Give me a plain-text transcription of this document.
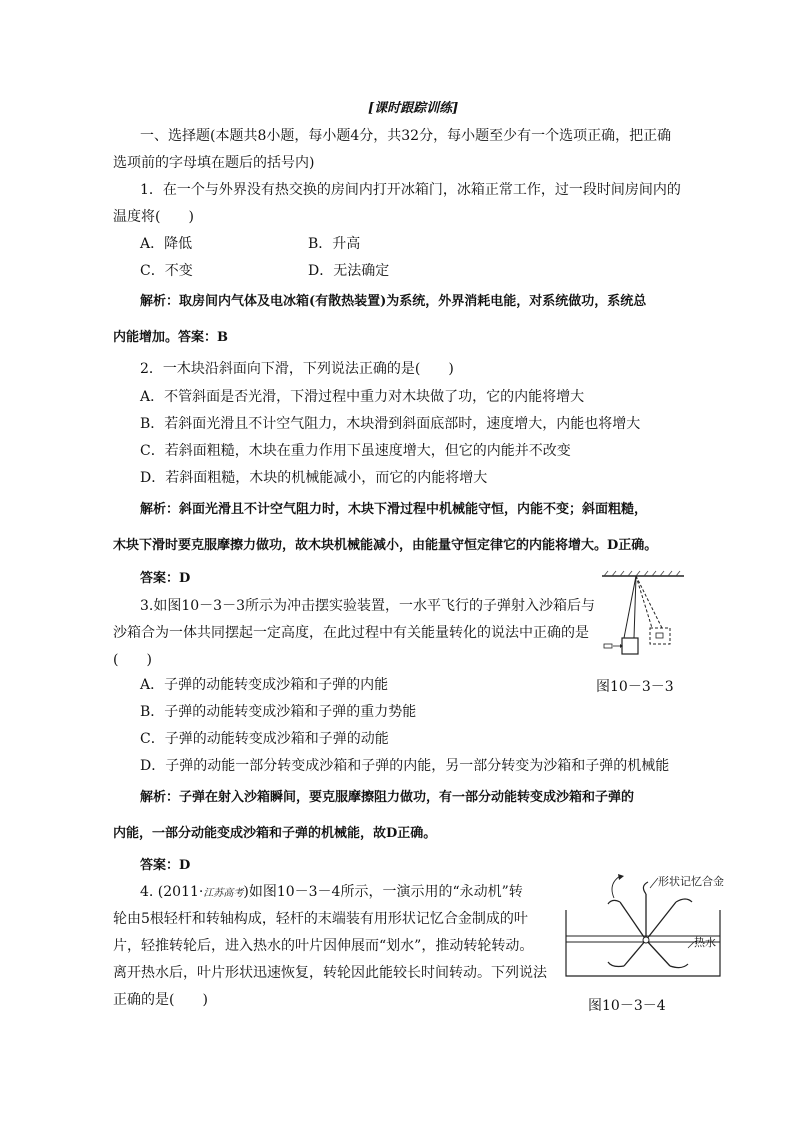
[课时跟踪训练]
一、选择题(本题共8小题，每小题4分，共32分，每小题至少有一个选项正确，把正确
选项前的字母填在题后的括号内)
1．在一个与外界没有热交换的房间内打开冰箱门，冰箱正常工作，过一段时间房间内的
温度将(　　)
A．降低	B．升高
C．不变	D．无法确定
解析：取房间内气体及电冰箱(有散热装置)为系统，外界消耗电能，对系统做功，系统总
内能增加。答案：B
2．一木块沿斜面向下滑，下列说法正确的是(　　)
A．不管斜面是否光滑，下滑过程中重力对木块做了功，它的内能将增大
B．若斜面光滑且不计空气阻力，木块滑到斜面底部时，速度增大，内能也将增大
C．若斜面粗糙，木块在重力作用下虽速度增大，但它的内能并不改变
D．若斜面粗糙，木块的机械能减小，而它的内能将增大
解析：斜面光滑且不计空气阻力时，木块下滑过程中机械能守恒，内能不变；斜面粗糙，
木块下滑时要克服摩擦力做功，故木块机械能减小，由能量守恒定律它的内能将增大。D正确。
答案：D
3.如图10－3－3所示为冲击摆实验装置，一水平飞行的子弹射入沙箱后与
沙箱合为一体共同摆起一定高度，在此过程中有关能量转化的说法中正确的是
(　　)
A．子弹的动能转变成沙箱和子弹的内能
B．子弹的动能转变成沙箱和子弹的重力势能
C．子弹的动能转变成沙箱和子弹的动能
D．子弹的动能一部分转变成沙箱和子弹的内能，另一部分转变为沙箱和子弹的机械能
解析：子弹在射入沙箱瞬间，要克服摩擦阻力做功，有一部分动能转变成沙箱和子弹的
内能，一部分动能变成沙箱和子弹的机械能，故D正确。
答案：D
图10－3－3
4. (2011·江苏高考)如图10－3－4所示，一演示用的“永动机”转
轮由5根轻杆和转轴构成，轻杆的末端装有用形状记忆合金制成的叶
片，轻推转轮后，进入热水的叶片因伸展而“划水”，推动转轮转动。
离开热水后，叶片形状迅速恢复，转轮因此能较长时间转动。下列说法
正确的是(　　)
形状记忆合金
热水
图10－3－4
